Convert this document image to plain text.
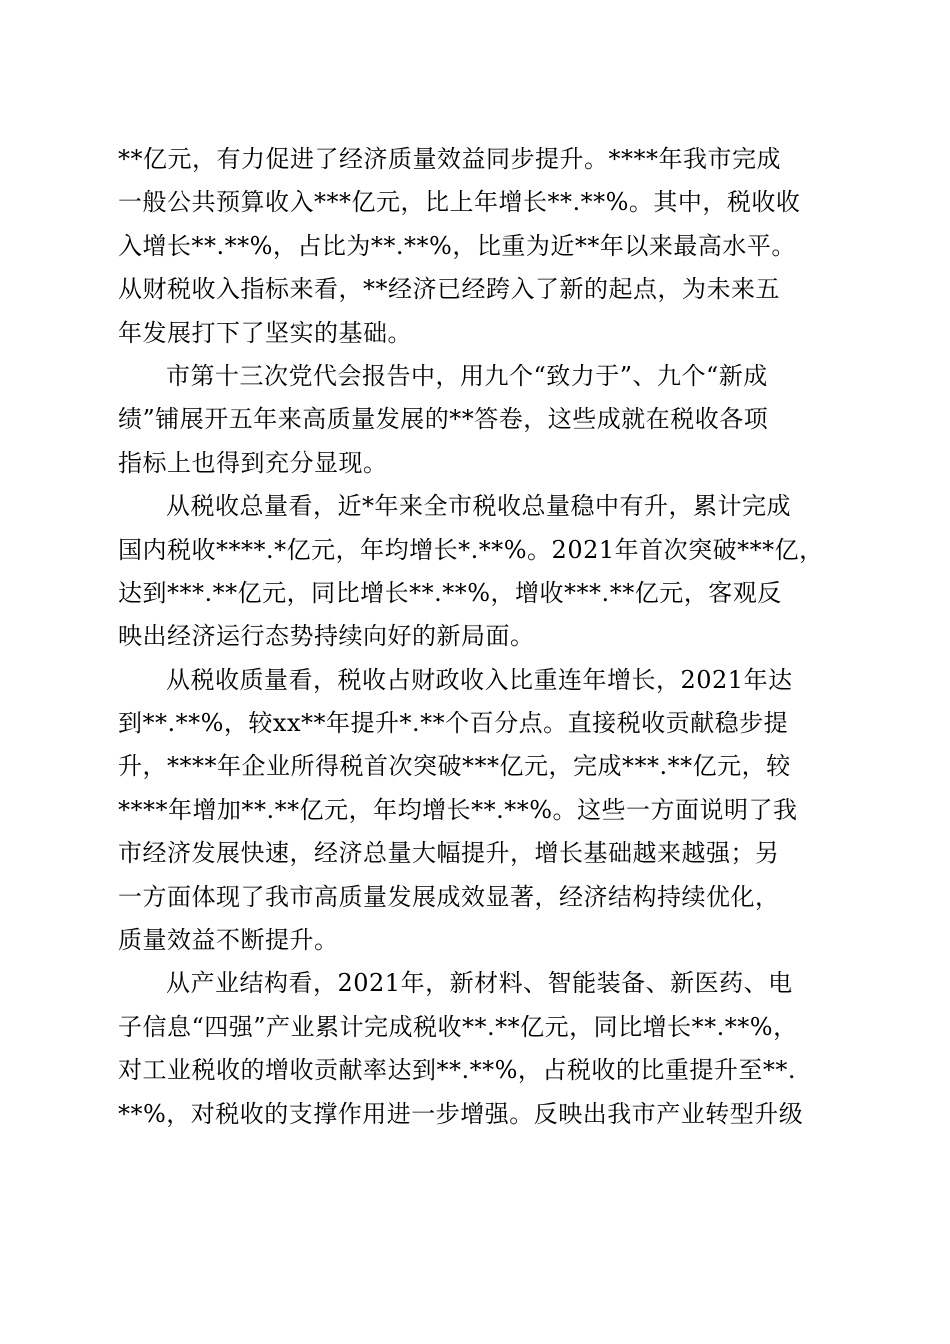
**亿元，有力促进了经济质量效益同步提升。****年我市完成
一般公共预算收入***亿元，比上年增长**.**%。其中，税收收
入增长**.**%，占比为**.**%，比重为近**年以来最高水平。
从财税收入指标来看，**经济已经跨入了新的起点，为未来五
年发展打下了坚实的基础。
市第十三次党代会报告中，用九个“致力于”、九个“新成
绩”铺展开五年来高质量发展的**答卷，这些成就在税收各项
指标上也得到充分显现。
从税收总量看，近*年来全市税收总量稳中有升，累计完成
国内税收****.*亿元，年均增长*.**%。2021年首次突破***亿，
达到***.**亿元，同比增长**.**%，增收***.**亿元，客观反
映出经济运行态势持续向好的新局面。
从税收质量看，税收占财政收入比重连年增长，2021年达
到**.**%，较xx**年提升*.**个百分点。直接税收贡献稳步提
升，****年企业所得税首次突破***亿元，完成***.**亿元，较
****年增加**.**亿元，年均增长**.**%。这些一方面说明了我
市经济发展快速，经济总量大幅提升，增长基础越来越强；另
一方面体现了我市高质量发展成效显著，经济结构持续优化，
质量效益不断提升。
从产业结构看，2021年，新材料、智能装备、新医药、电
子信息“四强”产业累计完成税收**.**亿元，同比增长**.**%，
对工业税收的增收贡献率达到**.**%，占税收的比重提升至**.
**%，对税收的支撑作用进一步增强。反映出我市产业转型升级
